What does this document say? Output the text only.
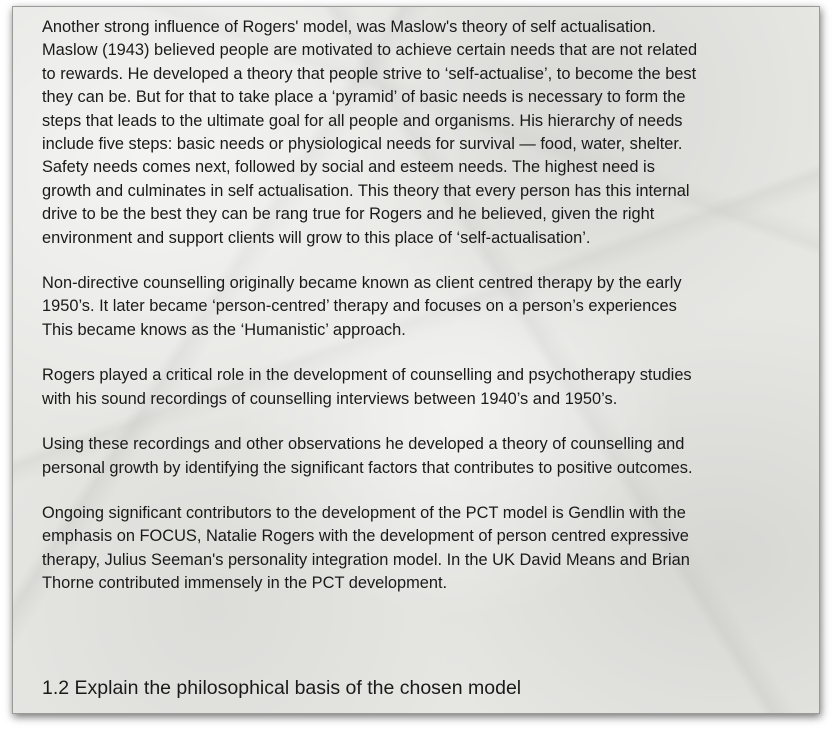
Another strong influence of Rogers' model, was Maslow's theory of self actualisation.
Maslow (1943) believed people are motivated to achieve certain needs that are not related
to rewards. He developed a theory that people strive to ‘self-actualise’, to become the best
they can be. But for that to take place a ‘pyramid’ of basic needs is necessary to form the
steps that leads to the ultimate goal for all people and organisms. His hierarchy of needs
include five steps: basic needs or physiological needs for survival — food, water, shelter.
Safety needs comes next, followed by social and esteem needs. The highest need is
growth and culminates in self actualisation. This theory that every person has this internal
drive to be the best they can be rang true for Rogers and he believed, given the right
environment and support clients will grow to this place of ‘self-actualisation’.

Non-directive counselling originally became known as client centred therapy by the early
1950’s. It later became ‘person-centred’ therapy and focuses on a person’s experiences
This became knows as the ‘Humanistic’ approach.

Rogers played a critical role in the development of counselling and psychotherapy studies
with his sound recordings of counselling interviews between 1940’s and 1950’s.

Using these recordings and other observations he developed a theory of counselling and
personal growth by identifying the significant factors that contributes to positive outcomes.

Ongoing significant contributors to the development of the PCT model is Gendlin with the
emphasis on FOCUS, Natalie Rogers with the development of person centred expressive
therapy, Julius Seeman's personality integration model. In the UK David Means and Brian
Thorne contributed immensely in the PCT development.

1.2 Explain the philosophical basis of the chosen model
